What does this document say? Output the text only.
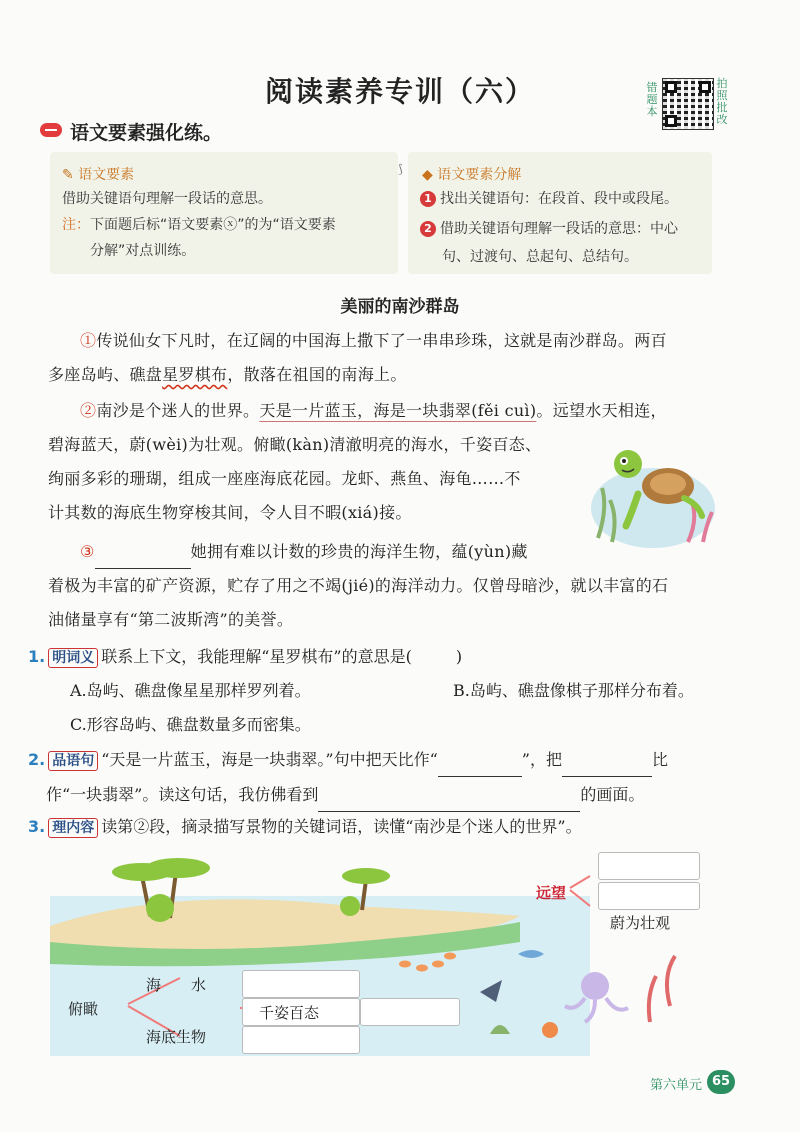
阅读素养专训（六）	错题本
拍照批改
语文要素强化练。
✎ 语文要素
借助关键语句理解一段话的意思。
注：下面题后标“语文要素ⓧ”的为“语文要素
分解”对点训练。
⟆ ◆ 语文要素分解
1 找出关键语句：在段首、段中或段尾。
2 借助关键语句理解一段话的意思：中心
句、过渡句、总起句、总结句。
美丽的南沙群岛
①传说仙女下凡时，在辽阔的中国海上撒下了一串串珍珠，这就是南沙群岛。两百
多座岛屿、礁盘星罗棋布，散落在祖国的南海上。
②南沙是个迷人的世界。天是一片蓝玉，海是一块翡翠(fěi cuì)。远望水天相连，
碧海蓝天，蔚(wèi)为壮观。俯瞰(kàn)清澈明亮的海水，千姿百态、
绚丽多彩的珊瑚，组成一座座海底花园。龙虾、燕鱼、海龟……不
计其数的海底生物穿梭其间，令人目不暇(xiá)接。
③	她拥有难以计数的珍贵的海洋生物，蕴(yùn)藏
着极为丰富的矿产资源，贮存了用之不竭(jié)的海洋动力。仅曾母暗沙，就以丰富的石
油储量享有“第二波斯湾”的美誉。
1. 明词义 联系上下文，我能理解“星罗棋布”的意思是(	)
A.岛屿、礁盘像星星那样罗列着。	B.岛屿、礁盘像棋子那样分布着。
C.形容岛屿、礁盘数量多而密集。
2. 品语句 “天是一片蓝玉，海是一块翡翠。”句中把天比作“	”，把	比
作“一块翡翠”。读这句话，我仿佛看到	的画面。
3. 理内容 读第②段，摘录描写景物的关键词语，读懂“南沙是个迷人的世界”。
远望
蔚为壮观
俯瞰
海　　水
千姿百态
海底生物
第六单元 65
